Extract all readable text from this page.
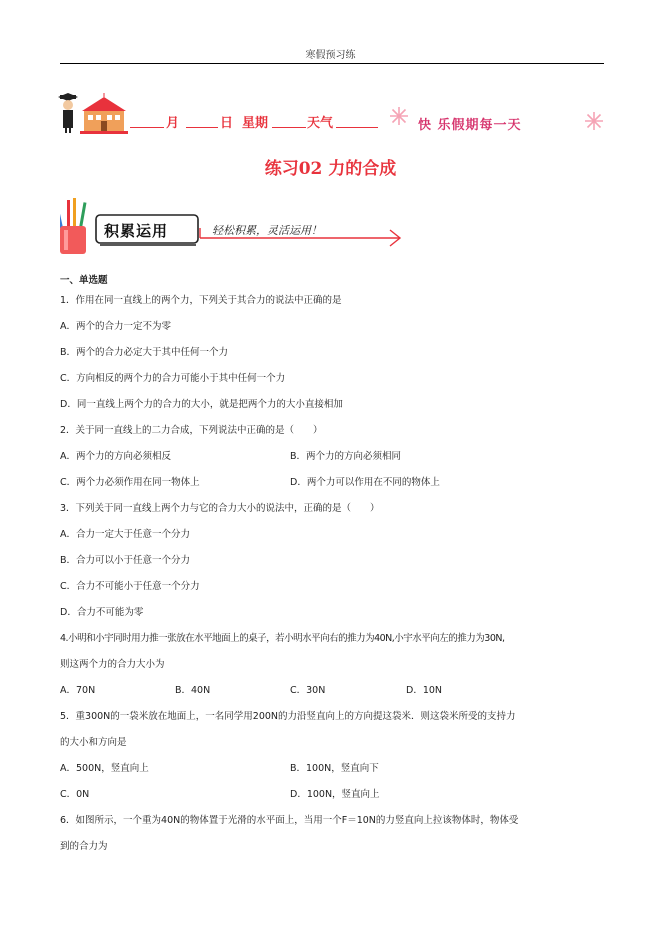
寒假预习练
月	日 星期	天气	快 乐假期每一天
练习02 力的合成
积累运用	轻松积累，灵活运用！
一、单选题
1．作用在同一直线上的两个力，下列关于其合力的说法中正确的是
A．两个的合力一定不为零
B．两个的合力必定大于其中任何一个力
C．方向相反的两个力的合力可能小于其中任何一个力
D．同一直线上两个力的合力的大小，就是把两个力的大小直接相加
2．关于同一直线上的二力合成，下列说法中正确的是（　　）
A．两个力的方向必须相反	B．两个力的方向必须相同
C．两个力必须作用在同一物体上	D．两个力可以作用在不同的物体上
3．下列关于同一直线上两个力与它的合力大小的说法中，正确的是（　　）
A．合力一定大于任意一个分力
B．合力可以小于任意一个分力
C．合力不可能小于任意一个分力
D．合力不可能为零
4.小明和小宇同时用力推一张放在水平地面上的桌子，若小明水平向右的推力为40N,小宇水平向左的推力为30N,
则这两个力的合力大小为
A．70N	B．40N	C．30N	D．10N
5．重300N的一袋米放在地面上，一名同学用200N的力沿竖直向上的方向提这袋米．则这袋米所受的支持力
的大小和方向是
A．500N，竖直向上	B．100N，竖直向下
C．0N	D．100N，竖直向上
6．如图所示，一个重为40N的物体置于光滑的水平面上，当用一个F＝10N的力竖直向上拉该物体时，物体受
到的合力为
